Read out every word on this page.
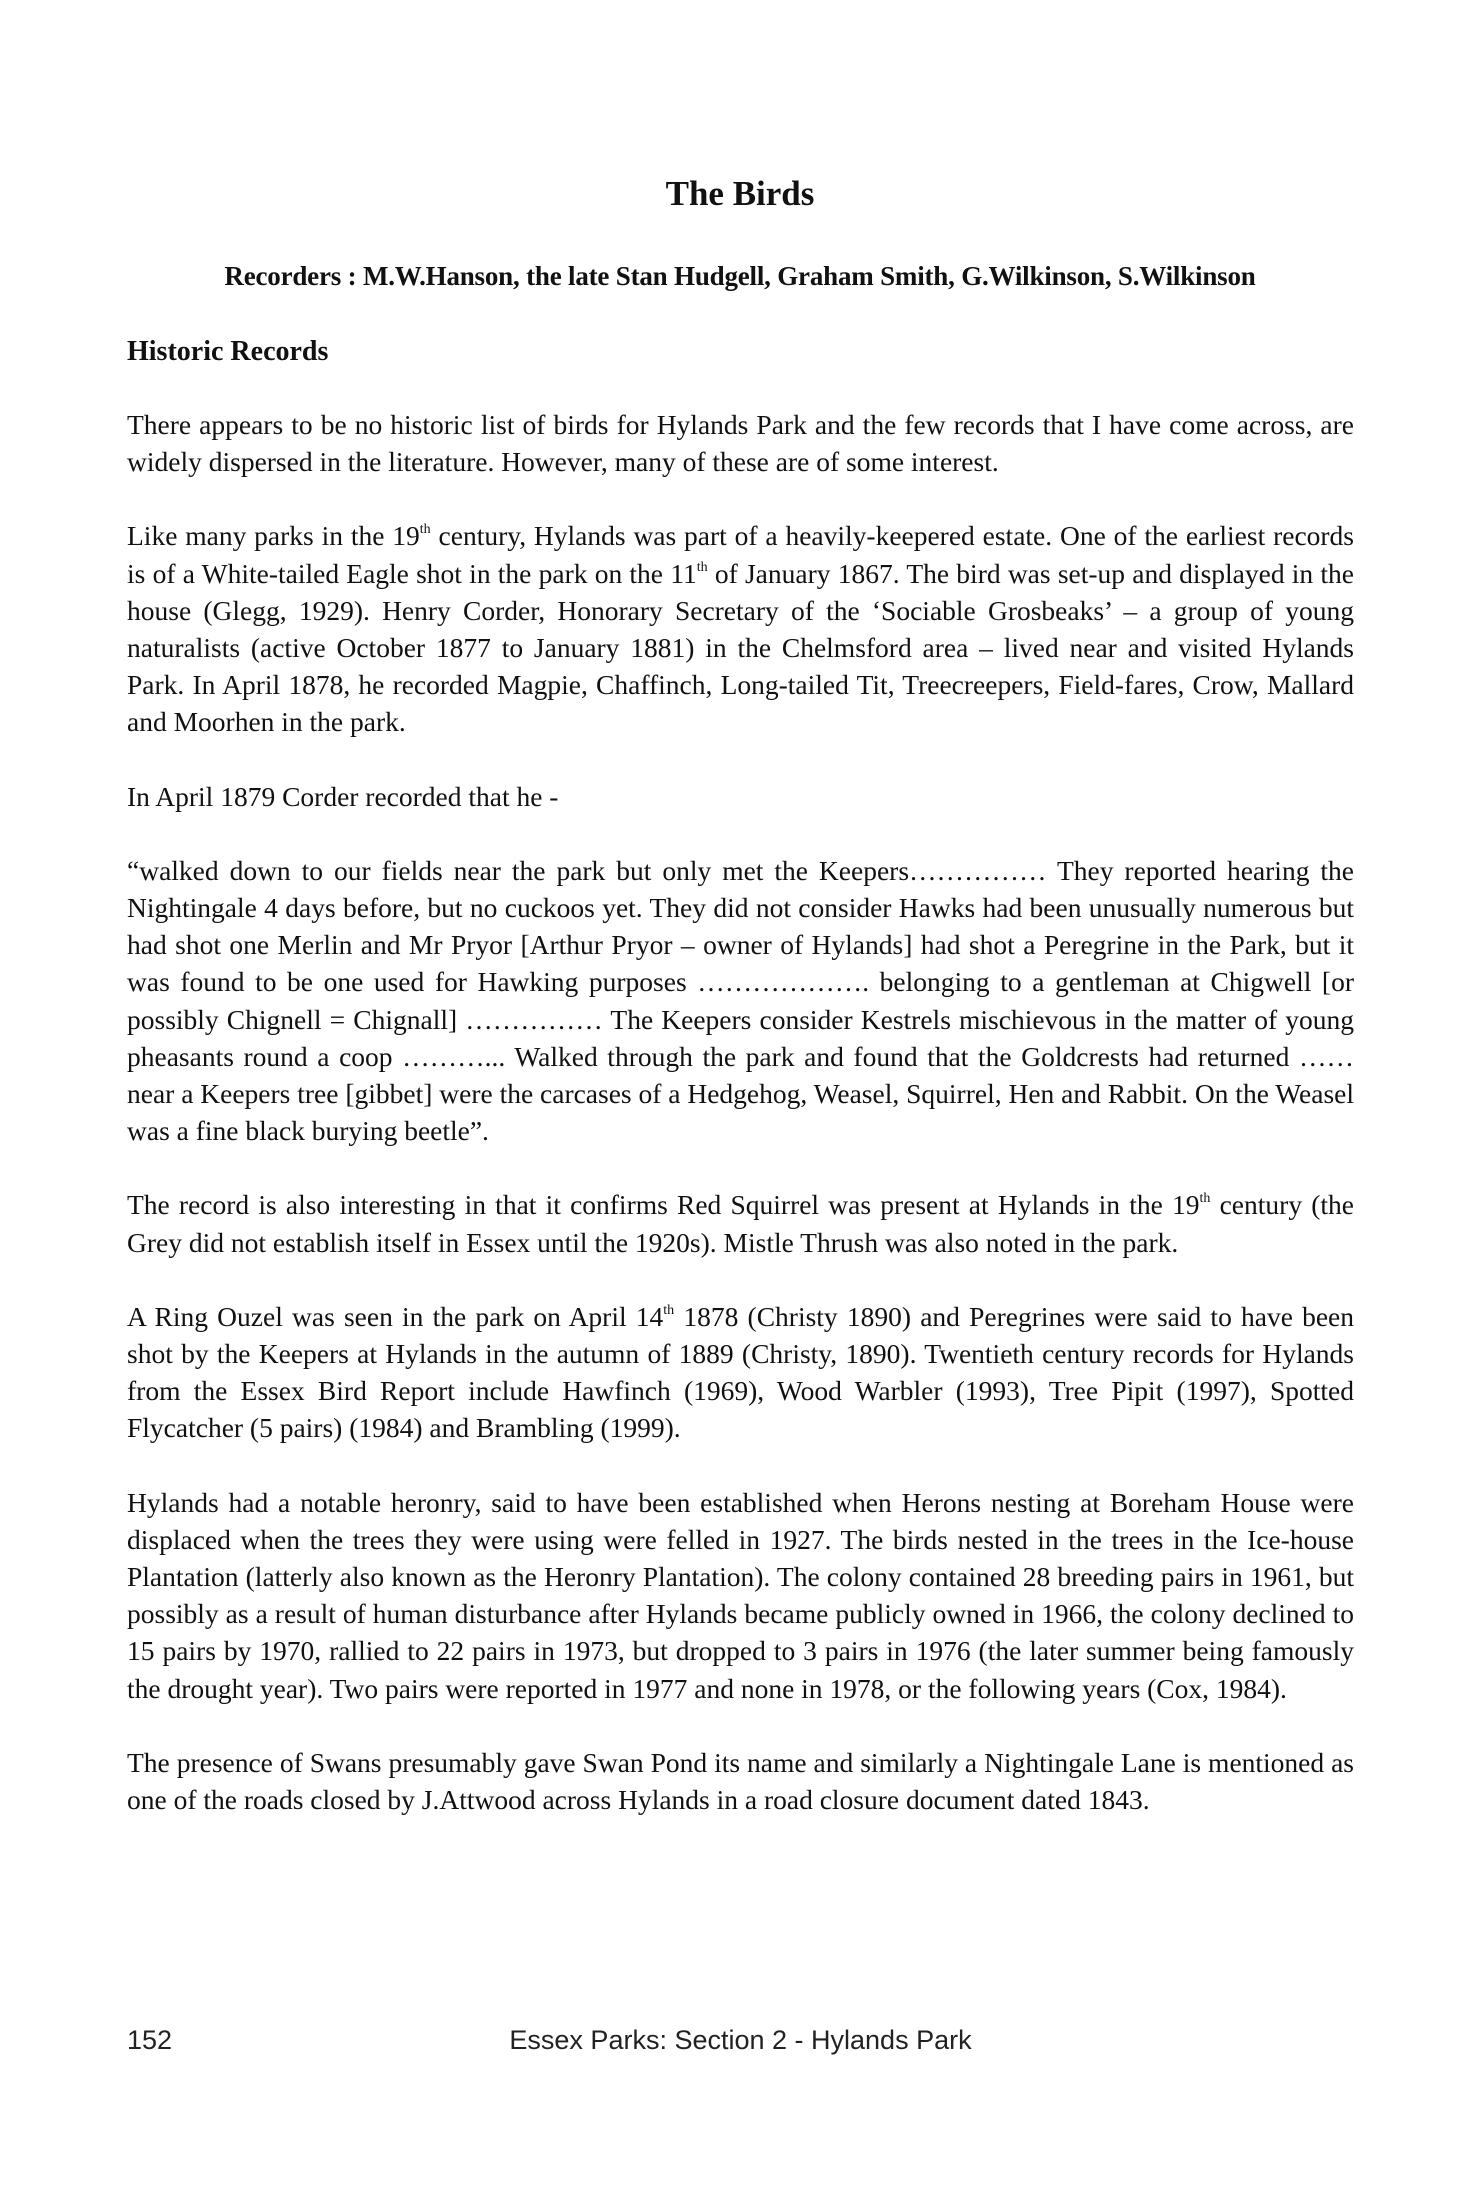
The Birds
Recorders : M.W.Hanson, the late Stan Hudgell, Graham Smith, G.Wilkinson, S.Wilkinson
Historic Records

There appears to be no historic list of birds for Hylands Park and the few records that I have come across, are widely dispersed in the literature. However, many of these are of some interest.

Like many parks in the 19th century, Hylands was part of a heavily-keepered estate. One of the earliest records is of a White-tailed Eagle shot in the park on the 11th of January 1867. The bird was set-up and displayed in the house (Glegg, 1929). Henry Corder, Honorary Secretary of the ‘Sociable Grosbeaks’ – a group of young naturalists (active October 1877 to January 1881) in the Chelmsford area – lived near and visited Hylands Park. In April 1878, he recorded Magpie, Chaffinch, Long-tailed Tit, Treecreepers, Field-fares, Crow, Mallard and Moorhen in the park.

In April 1879 Corder recorded that he -

“walked down to our fields near the park but only met the Keepers…………… They reported hearing the Nightingale 4 days before, but no cuckoos yet. They did not consider Hawks had been unusually numerous but had shot one Merlin and Mr Pryor [Arthur Pryor – owner of Hylands] had shot a Peregrine in the Park, but it was found to be one used for Hawking purposes ………………. belonging to a gentleman at Chigwell [or possibly Chignell = Chignall] …………… The Keepers consider Kestrels mischievous in the matter of young pheasants round a coop ………... Walked through the park and found that the Goldcrests had returned …… near a Keepers tree [gibbet] were the carcases of a Hedgehog, Weasel, Squirrel, Hen and Rabbit. On the Weasel was a fine black burying beetle”.

The record is also interesting in that it confirms Red Squirrel was present at Hylands in the 19th century (the Grey did not establish itself in Essex until the 1920s). Mistle Thrush was also noted in the park.

A Ring Ouzel was seen in the park on April 14th 1878 (Christy 1890) and Peregrines were said to have been shot by the Keepers at Hylands in the autumn of 1889 (Christy, 1890). Twentieth century records for Hylands from the Essex Bird Report include Hawfinch (1969), Wood Warbler (1993), Tree Pipit (1997), Spotted Flycatcher (5 pairs) (1984) and Brambling (1999).

Hylands had a notable heronry, said to have been established when Herons nesting at Boreham House were displaced when the trees they were using were felled in 1927. The birds nested in the trees in the Ice-house Plantation (latterly also known as the Heronry Plantation). The colony contained 28 breeding pairs in 1961, but possibly as a result of human disturbance after Hylands became publicly owned in 1966, the colony declined to 15 pairs by 1970, rallied to 22 pairs in 1973, but dropped to 3 pairs in 1976 (the later summer being famously the drought year). Two pairs were reported in 1977 and none in 1978, or the following years (Cox, 1984).

The presence of Swans presumably gave Swan Pond its name and similarly a Nightingale Lane is mentioned as one of the roads closed by J.Attwood across Hylands in a road closure document dated 1843.

Essex Parks: Section 2 - Hylands Park
152
